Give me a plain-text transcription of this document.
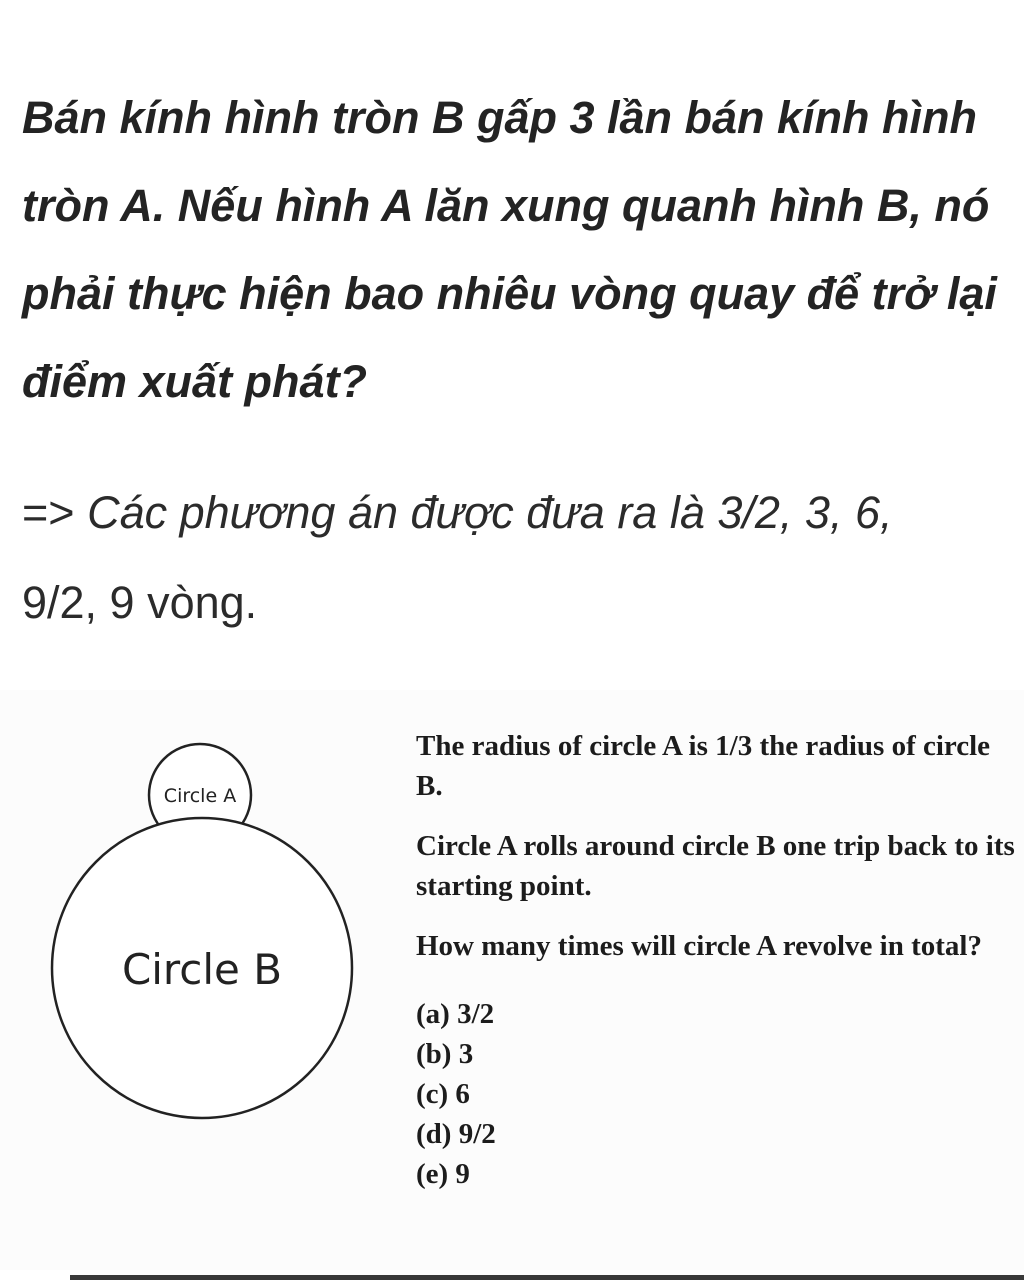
Bán kính hình tròn B gấp 3 lần bán kính hình tròn A. Nếu hình A lăn xung quanh hình B, nó phải thực hiện bao nhiêu vòng quay để trở lại điểm xuất phát?

=> Các phương án được đưa ra là 3/2, 3, 6,
9/2, 9 vòng.

Circle A
Circle B

The radius of circle A is 1/3 the radius of circle B.

Circle A rolls around circle B one trip back to its starting point.

How many times will circle A revolve in total?

(a) 3/2
(b) 3
(c) 6
(d) 9/2
(e) 9
